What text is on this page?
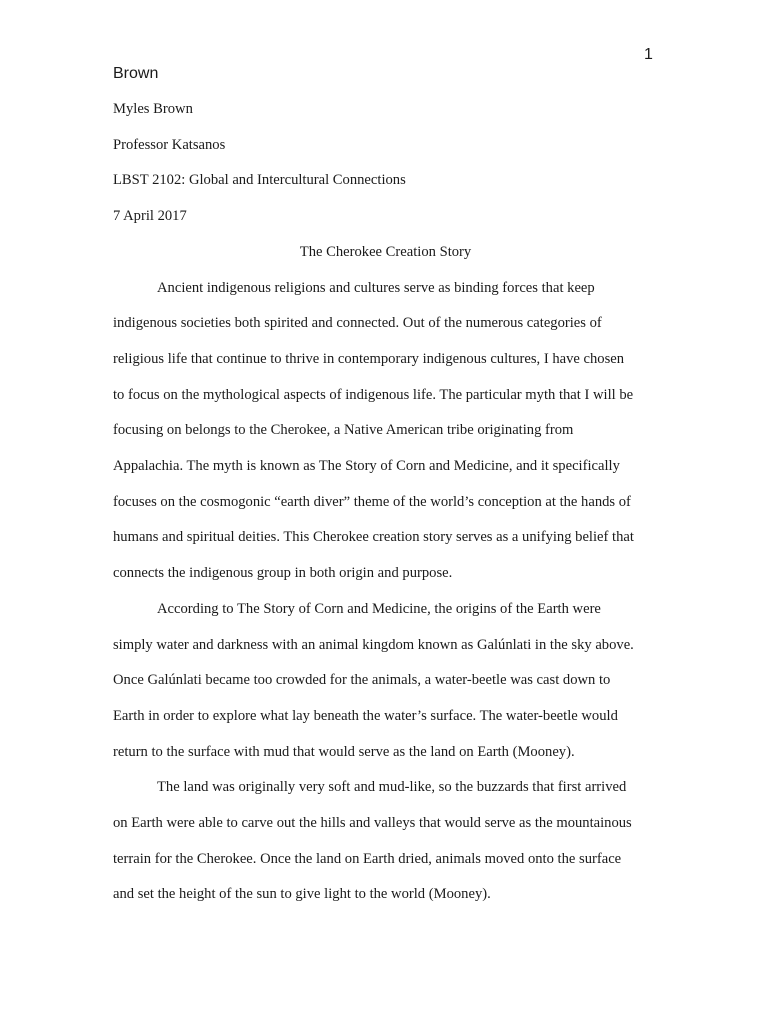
1
Brown

Myles Brown

Professor Katsanos

LBST 2102: Global and Intercultural Connections

7 April 2017

The Cherokee Creation Story

Ancient indigenous religions and cultures serve as binding forces that keep
indigenous societies both spirited and connected. Out of the numerous categories of
religious life that continue to thrive in contemporary indigenous cultures, I have chosen
to focus on the mythological aspects of indigenous life. The particular myth that I will be
focusing on belongs to the Cherokee, a Native American tribe originating from
Appalachia. The myth is known as The Story of Corn and Medicine, and it specifically
focuses on the cosmogonic “earth diver” theme of the world’s conception at the hands of
humans and spiritual deities. This Cherokee creation story serves as a unifying belief that
connects the indigenous group in both origin and purpose.
According to The Story of Corn and Medicine, the origins of the Earth were
simply water and darkness with an animal kingdom known as Galúnlati in the sky above.
Once Galúnlati became too crowded for the animals, a water-beetle was cast down to
Earth in order to explore what lay beneath the water’s surface. The water-beetle would
return to the surface with mud that would serve as the land on Earth (Mooney).
The land was originally very soft and mud-like, so the buzzards that first arrived
on Earth were able to carve out the hills and valleys that would serve as the mountainous
terrain for the Cherokee. Once the land on Earth dried, animals moved onto the surface
and set the height of the sun to give light to the world (Mooney).
